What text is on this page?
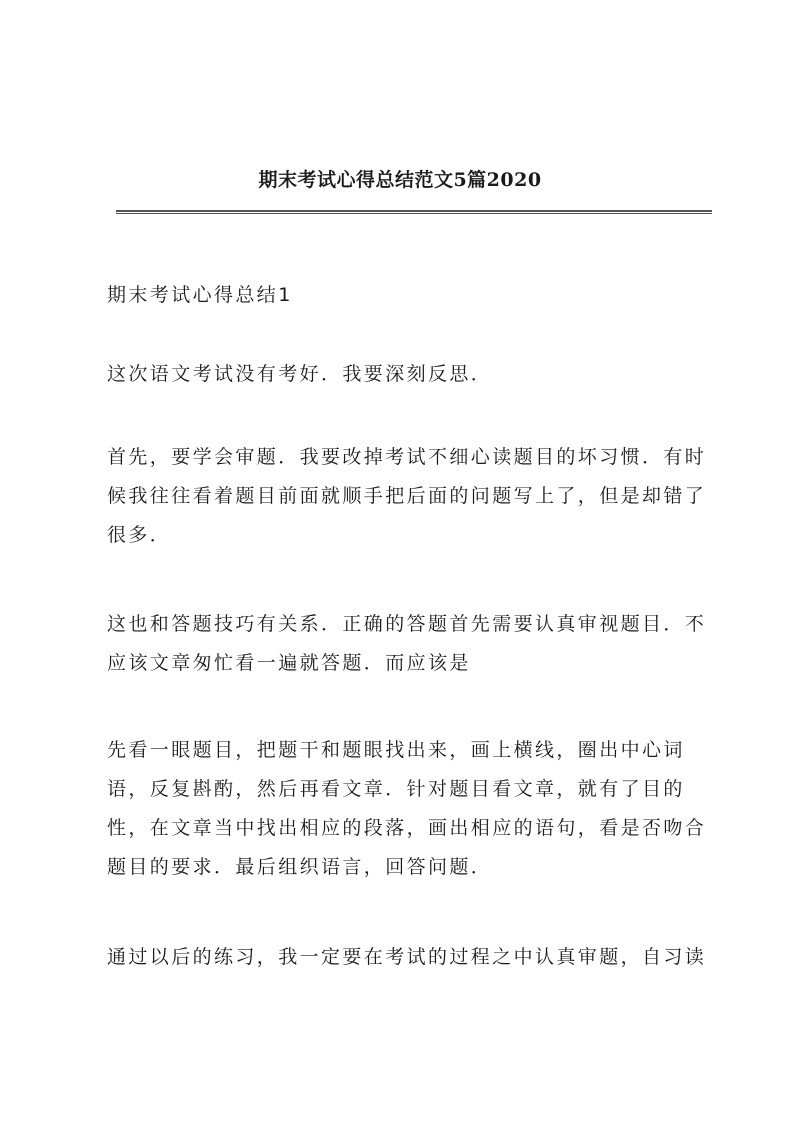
期末考试心得总结范文5篇2020

期末考试心得总结1

这次语文考试没有考好．我要深刻反思．

首先，要学会审题．我要改掉考试不细心读题目的坏习惯．有时
候我往往看着题目前面就顺手把后面的问题写上了，但是却错了
很多．

这也和答题技巧有关系．正确的答题首先需要认真审视题目．不
应该文章匆忙看一遍就答题．而应该是

先看一眼题目，把题干和题眼找出来，画上横线，圈出中心词
语，反复斟酌，然后再看文章．针对题目看文章，就有了目的
性，在文章当中找出相应的段落，画出相应的语句，看是否吻合
题目的要求．最后组织语言，回答问题．

通过以后的练习，我一定要在考试的过程之中认真审题，自习读
